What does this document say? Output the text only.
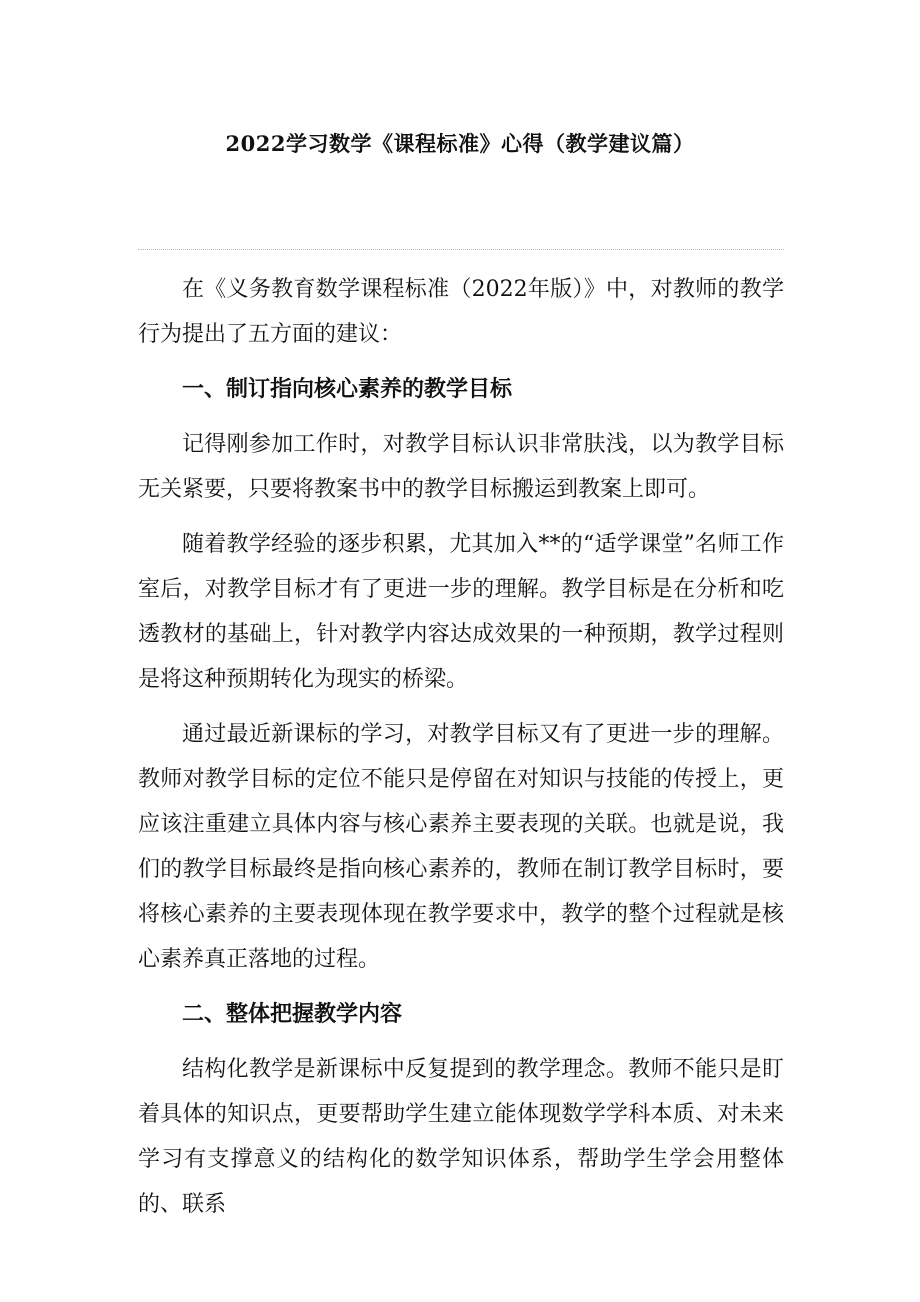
2022学习数学《课程标准》心得（教学建议篇）

在《义务教育数学课程标准（2022年版）》中，对教师的教学行为提出了五方面的建议：

一、制订指向核心素养的教学目标

记得刚参加工作时，对教学目标认识非常肤浅，以为教学目标无关紧要，只要将教案书中的教学目标搬运到教案上即可。

随着教学经验的逐步积累，尤其加入**的“适学课堂”名师工作室后，对教学目标才有了更进一步的理解。教学目标是在分析和吃透教材的基础上，针对教学内容达成效果的一种预期，教学过程则是将这种预期转化为现实的桥梁。

通过最近新课标的学习，对教学目标又有了更进一步的理解。教师对教学目标的定位不能只是停留在对知识与技能的传授上，更应该注重建立具体内容与核心素养主要表现的关联。也就是说，我们的教学目标最终是指向核心素养的，教师在制订教学目标时，要将核心素养的主要表现体现在教学要求中，教学的整个过程就是核心素养真正落地的过程。

二、整体把握教学内容

结构化教学是新课标中反复提到的教学理念。教师不能只是盯着具体的知识点，更要帮助学生建立能体现数学学科本质、对未来学习有支撑意义的结构化的数学知识体系，帮助学生学会用整体的、联系
